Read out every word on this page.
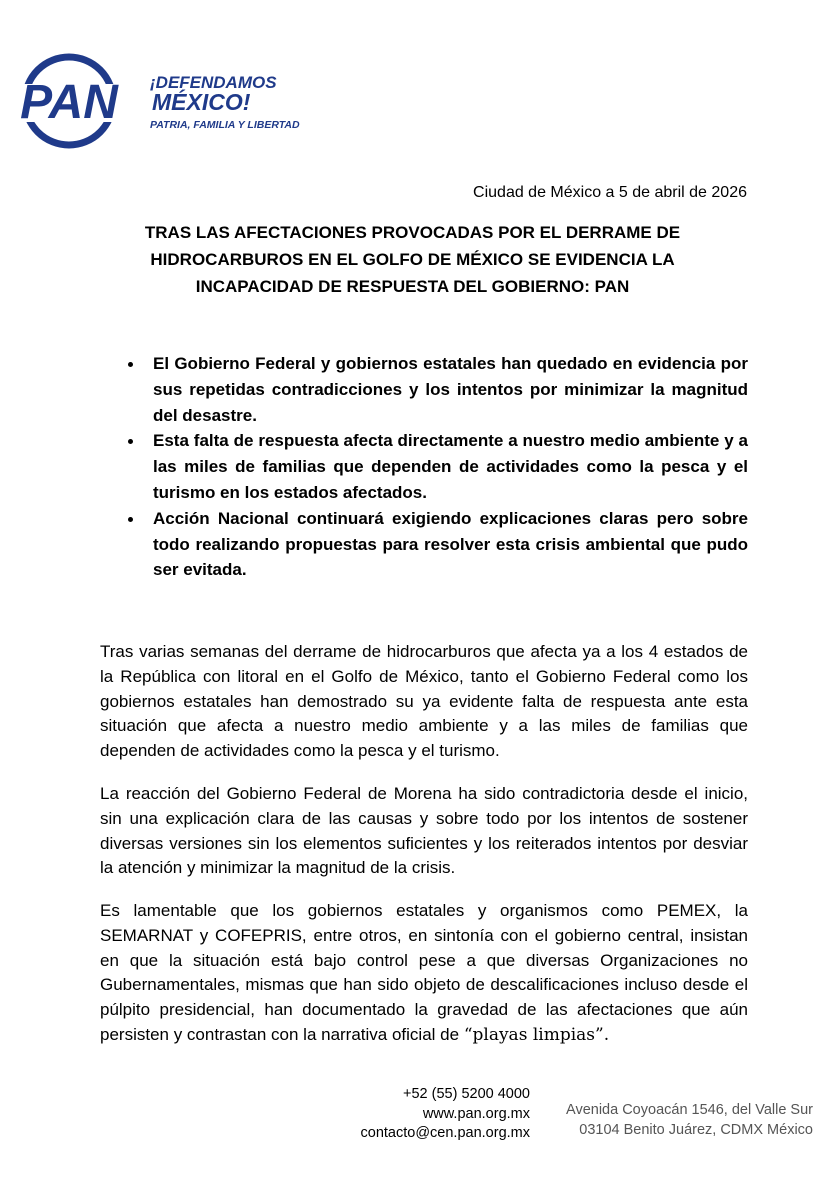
PAN ¡DEFENDAMOS
MÉXICO!
PATRIA, FAMILIA Y LIBERTAD
Ciudad de México a 5 de abril de 2026
TRAS LAS AFECTACIONES PROVOCADAS POR EL DERRAME DE
HIDROCARBUROS EN EL GOLFO DE MÉXICO SE EVIDENCIA LA
INCAPACIDAD DE RESPUESTA DEL GOBIERNO: PAN
El Gobierno Federal y gobiernos estatales han quedado en evidencia por sus repetidas contradicciones y los intentos por minimizar la magnitud del desastre.
Esta falta de respuesta afecta directamente a nuestro medio ambiente y a las miles de familias que dependen de actividades como la pesca y el turismo en los estados afectados.
Acción Nacional continuará exigiendo explicaciones claras pero sobre todo realizando propuestas para resolver esta crisis ambiental que pudo ser evitada.

Tras varias semanas del derrame de hidrocarburos que afecta ya a los 4 estados de la República con litoral en el Golfo de México, tanto el Gobierno Federal como los gobiernos estatales han demostrado su ya evidente falta de respuesta ante esta situación que afecta a nuestro medio ambiente y a las miles de familias que dependen de actividades como la pesca y el turismo.

La reacción del Gobierno Federal de Morena ha sido contradictoria desde el inicio, sin una explicación clara de las causas y sobre todo por los intentos de sostener diversas versiones sin los elementos suficientes y los reiterados intentos por desviar la atención y minimizar la magnitud de la crisis.

Es lamentable que los gobiernos estatales y organismos como PEMEX, la SEMARNAT y COFEPRIS, entre otros, en sintonía con el gobierno central, insistan en que la situación está bajo control pese a que diversas Organizaciones no Gubernamentales, mismas que han sido objeto de descalificaciones incluso desde el púlpito presidencial, han documentado la gravedad de las afectaciones que aún persisten y contrastan con la narrativa oficial de “playas limpias”.

+52 (55) 5200 4000
www.pan.org.mx
contacto@cen.pan.org.mx
Avenida Coyoacán 1546, del Valle Sur
03104 Benito Juárez, CDMX México
